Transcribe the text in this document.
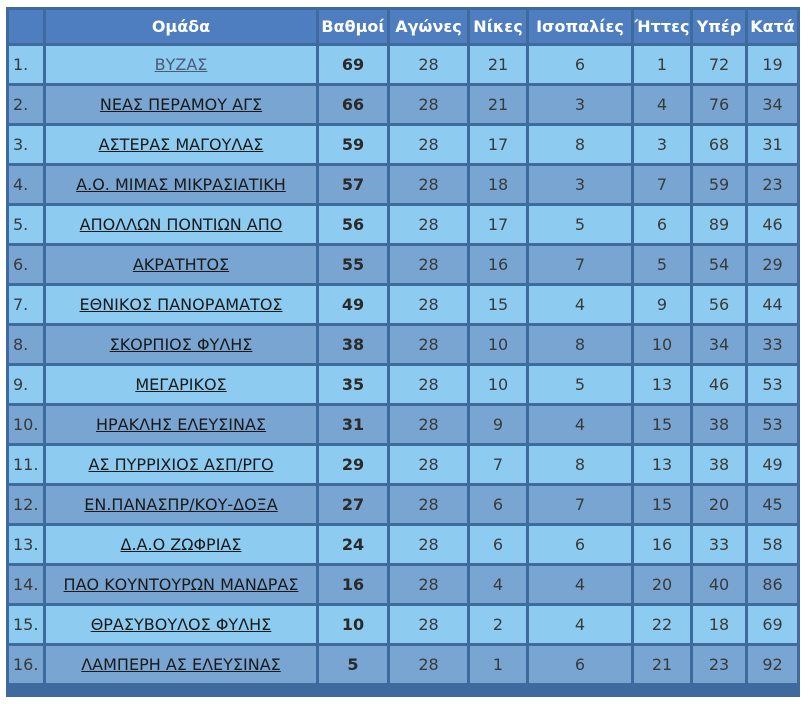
	Ομάδα	Βαθμοί	Αγώνες	Νίκες	Ισοπαλίες	Ήττες	Υπέρ	Κατά
1.	ΒΥΖΑΣ	69	28	21	6	1	72	19
2.	ΝΕΑΣ ΠΕΡΑΜΟΥ ΑΓΣ	66	28	21	3	4	76	34
3.	ΑΣΤΕΡΑΣ ΜΑΓΟΥΛΑΣ	59	28	17	8	3	68	31
4.	Α.Ο. ΜΙΜΑΣ ΜΙΚΡΑΣΙΑΤΙΚΗ	57	28	18	3	7	59	23
5.	ΑΠΟΛΛΩΝ ΠΟΝΤΙΩΝ ΑΠΟ	56	28	17	5	6	89	46
6.	ΑΚΡΑΤΗΤΟΣ	55	28	16	7	5	54	29
7.	ΕΘΝΙΚΟΣ ΠΑΝΟΡΑΜΑΤΟΣ	49	28	15	4	9	56	44
8.	ΣΚΟΡΠΙΟΣ ΦΥΛΗΣ	38	28	10	8	10	34	33
9.	ΜΕΓΑΡΙΚΟΣ	35	28	10	5	13	46	53
10.	ΗΡΑΚΛΗΣ ΕΛΕΥΣΙΝΑΣ	31	28	9	4	15	38	53
11.	ΑΣ ΠΥΡΡΙΧΙΟΣ ΑΣΠ/ΡΓΟ	29	28	7	8	13	38	49
12.	ΕΝ.ΠΑΝΑΣΠΡ/ΚΟΥ-ΔΟΞΑ	27	28	6	7	15	20	45
13.	Δ.Α.Ο ΖΩΦΡΙΑΣ	24	28	6	6	16	33	58
14.	ΠΑΟ ΚΟΥΝΤΟΥΡΩΝ ΜΑΝΔΡΑΣ	16	28	4	4	20	40	86
15.	ΘΡΑΣΥΒΟΥΛΟΣ ΦΥΛΗΣ	10	28	2	4	22	18	69
16.	ΛΑΜΠΕΡΗ ΑΣ ΕΛΕΥΣΙΝΑΣ	5	28	1	6	21	23	92
